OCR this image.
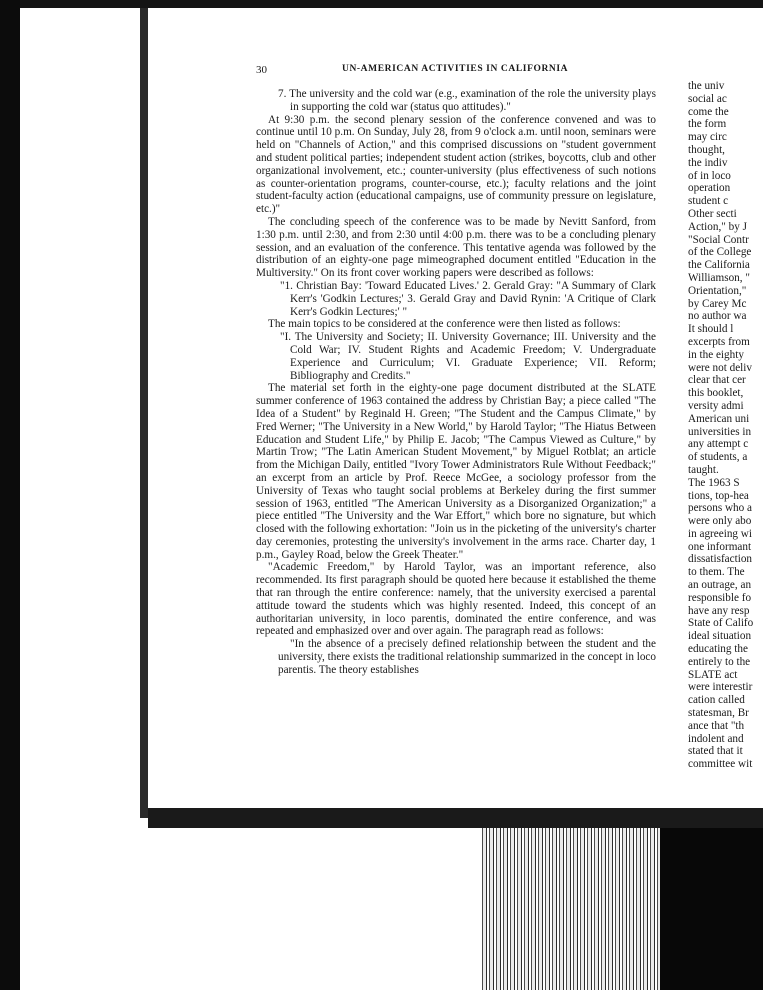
30	UN-AMERICAN ACTIVITIES IN CALIFORNIA

7. The university and the cold war (e.g., examination of the role the university plays in supporting the cold war (status quo attitudes)."

At 9:30 p.m. the second plenary session of the conference convened and was to continue until 10 p.m. On Sunday, July 28, from 9 o'clock a.m. until noon, seminars were held on "Channels of Action," and this comprised discussions on "student government and student political parties; independent student action (strikes, boycotts, club and other organizational involvement, etc.; counter-university (plus effectiveness of such notions as counter-orientation programs, counter-course, etc.); faculty relations and the joint student-faculty action (educational campaigns, use of community pressure on legislature, etc.)"

The concluding speech of the conference was to be made by Nevitt Sanford, from 1:30 p.m. until 2:30, and from 2:30 until 4:00 p.m. there was to be a concluding plenary session, and an evaluation of the conference. This tentative agenda was followed by the distribution of an eighty-one page mimeographed document entitled "Education in the Multiversity." On its front cover working papers were described as follows:

"1. Christian Bay: 'Toward Educated Lives.' 2. Gerald Gray: "A Summary of Clark Kerr's 'Godkin Lectures;' 3. Gerald Gray and David Rynin: 'A Critique of Clark Kerr's Godkin Lectures;' "

The main topics to be considered at the conference were then listed as follows:

"I. The University and Society; II. University Governance; III. University and the Cold War; IV. Student Rights and Academic Freedom; V. Undergraduate Experience and Curriculum; VI. Graduate Experience; VII. Reform; Bibliography and Credits."

The material set forth in the eighty-one page document distributed at the SLATE summer conference of 1963 contained the address by Christian Bay; a piece called "The Idea of a Student" by Reginald H. Green; "The Student and the Campus Climate," by Fred Werner; "The University in a New World," by Harold Taylor; "The Hiatus Between Education and Student Life," by Philip E. Jacob; "The Campus Viewed as Culture," by Martin Trow; "The Latin American Student Movement," by Miguel Rotblat; an article from the Michigan Daily, entitled "Ivory Tower Administrators Rule Without Feedback;" an excerpt from an article by Prof. Reece McGee, a sociology professor from the University of Texas who taught social problems at Berkeley during the first summer session of 1963, entitled "The American University as a Disorganized Organization;" a piece entitled "The University and the War Effort," which bore no signature, but which closed with the following exhortation: "Join us in the picketing of the university's charter day ceremonies, protesting the university's involvement in the arms race. Charter day, 1 p.m., Gayley Road, below the Greek Theater."

"Academic Freedom," by Harold Taylor, was an important reference, also recommended. Its first paragraph should be quoted here because it established the theme that ran through the entire conference: namely, that the university exercised a parental attitude toward the students which was highly resented. Indeed, this concept of an authoritarian university, in loco parentis, dominated the entire conference, and was repeated and emphasized over and over again. The paragraph read as follows:

"In the absence of a precisely defined relationship between the student and the university, there exists the traditional relationship summarized in the concept in loco parentis. The theory establishes

the univ
social ac
come the
the form
may circ
thought,
the indiv
of in loco
operation
student c
Other secti
Action," by J
"Social Contr
of the College
the California
Williamson, "
Orientation,"
by Carey Mc
no author wa
It should l
excerpts from
in the eighty
were not deliv
clear that cer
this booklet,
versity admi
American uni
universities in
any attempt c
of students, a
taught.
The 1963 S
tions, top-hea
persons who a
were only abo
in agreeing wi
one informant
dissatisfaction
to them. The
an outrage, an
responsible fo
have any resp
State of Califo
ideal situation
educating the
entirely to the
SLATE act
were interestir
cation called
statesman, Br
ance that "th
indolent and
stated that it
committee wit
